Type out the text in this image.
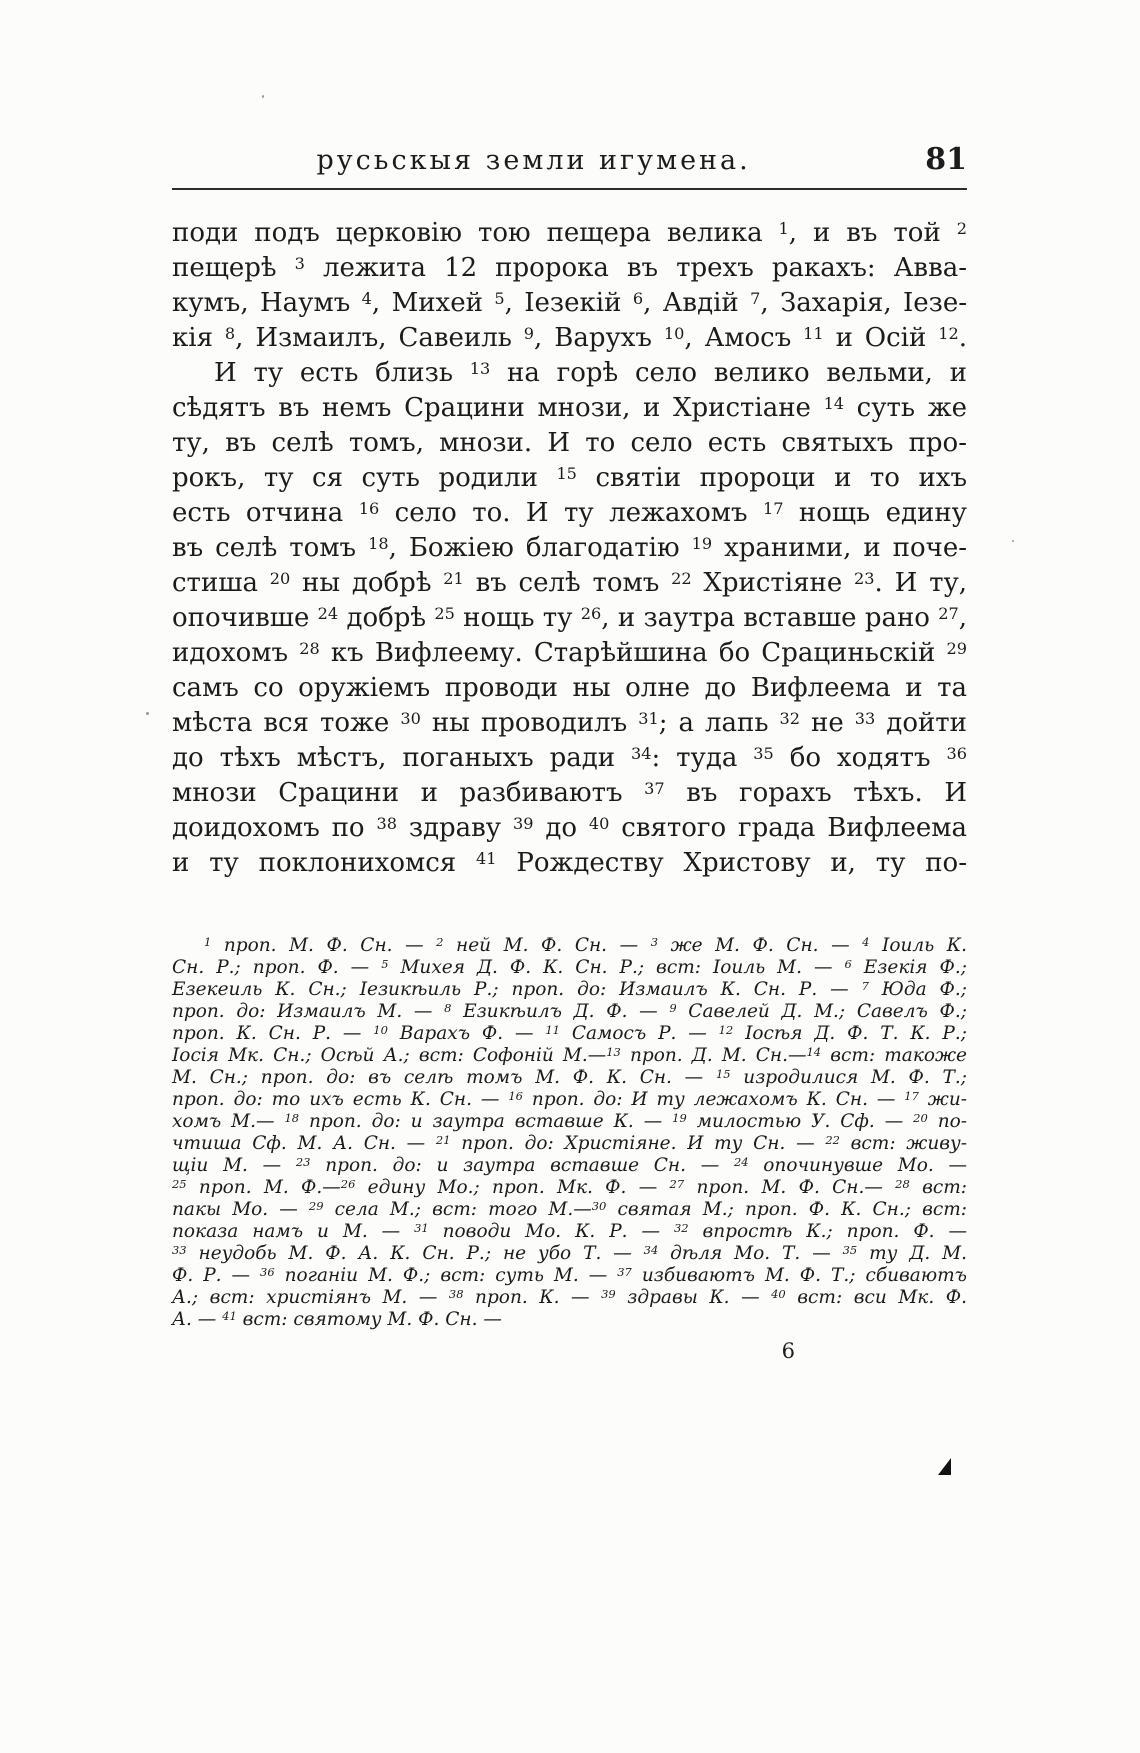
русьскыя земли игумена.	81
поди подъ церковію тою пещера велика $^1$, и въ той $^2$
пещерѣ $^3$ лежита 12 пророка въ трехъ ракахъ: Авва-
кумъ, Наумъ $^4$, Михей $^5$, Іезекій $^6$, Авдій $^7$, Захарія, Іезе-
кія $^8$, Измаилъ, Савеиль $^9$, Варухъ $^{10}$, Амосъ $^{11}$ и Осій $^{12}$.
И ту есть близь $^{13}$ на горѣ село велико вельми, и
сѣдятъ въ немъ Срацини мнози, и Христіане $^{14}$ суть же
ту, въ селѣ томъ, мнози. И то село есть святыхъ про-
рокъ, ту ся суть родили $^{15}$ святіи пророци и то ихъ
есть отчина $^{16}$ село то. И ту лежахомъ $^{17}$ нощь едину
въ селѣ томъ $^{18}$, Божіею благодатію $^{19}$ храними, и поче-
стиша $^{20}$ ны добрѣ $^{21}$ въ селѣ томъ $^{22}$ Христіяне $^{23}$. И ту,
опочивше $^{24}$ добрѣ $^{25}$ нощь ту $^{26}$, и заутра вставше рано $^{27}$,
идохомъ $^{28}$ къ Вифлеему. Старѣйшина бо Срациньскій $^{29}$
самъ со оружіемъ проводи ны олне до Вифлеема и та
мѣста вся тоже $^{30}$ ны проводилъ $^{31}$; а лапь $^{32}$ не $^{33}$ дойти
до тѣхъ мѣстъ, поганыхъ ради $^{34}$: туда $^{35}$ бо ходятъ $^{36}$
мнози Срацини и разбиваютъ $^{37}$ въ горахъ тѣхъ. И
доидохомъ по $^{38}$ здраву $^{39}$ до $^{40}$ святого града Вифлеема
и ту поклонихомся $^{41}$ Рождеству Христову и, ту по-
$^1$ проп. М. Ф. Сн. — $^2$ ней М. Ф. Сн. — $^3$ же М. Ф. Сн. — $^4$ Іоиль К.
Сн. Р.; проп. Ф. — $^5$ Михея Д. Ф. К. Сн. Р.; вст: Іоиль М. — $^6$ Езекія Ф.;
Езекеиль К. Сн.; Іезикѣиль Р.; проп. до: Измаилъ К. Сн. Р. — $^7$ Юда Ф.;
проп. до: Измаилъ М. — $^8$ Езикѣилъ Д. Ф. — $^9$ Савелей Д. М.; Савелъ Ф.;
проп. К. Сн. Р. — $^{10}$ Варахъ Ф. — $^{11}$ Самосъ Р. — $^{12}$ Іосѣя Д. Ф. Т. К. Р.;
Іосія Мк. Сн.; Осѣй А.; вст: Софоній М.—$^{13}$ проп. Д. М. Сн.—$^{14}$ вст: такоже
М. Сн.; проп. до: въ селѣ томъ М. Ф. К. Сн. — $^{15}$ изродилися М. Ф. Т.;
проп. до: то ихъ есть К. Сн. — $^{16}$ проп. до: И ту лежахомъ К. Сн. — $^{17}$ жи-
хомъ М.— $^{18}$ проп. до: и заутра вставше К. — $^{19}$ милостью У. Сф. — $^{20}$ по-
чтиша Сф. М. А. Сн. — $^{21}$ проп. до: Христіяне. И ту Сн. — $^{22}$ вст: живу-
щіи М. — $^{23}$ проп. до: и заутра вставше Сн. — $^{24}$ опочинувше Мо. —
$^{25}$ проп. М. Ф.—$^{26}$ едину Мо.; проп. Мк. Ф. — $^{27}$ проп. М. Ф. Сн.— $^{28}$ вст:
пакы Мо. — $^{29}$ села М.; вст: того М.—$^{30}$ святая М.; проп. Ф. К. Сн.; вст:
показа намъ и М. — $^{31}$ поводи Мо. К. Р. — $^{32}$ впростѣ К.; проп. Ф. —
$^{33}$ неудобь М. Ф. А. К. Сн. Р.; не убо Т. — $^{34}$ дѣля Мо. Т. — $^{35}$ ту Д. М.
Ф. Р. — $^{36}$ поганіи М. Ф.; вст: суть М. — $^{37}$ избиваютъ М. Ф. Т.; сбиваютъ
А.; вст: христіянъ М. — $^{38}$ проп. К. — $^{39}$ здравы К. — $^{40}$ вст: вси Мк. Ф.
А. — $^{41}$ вст: святому М. Ф. Сн. —
6
